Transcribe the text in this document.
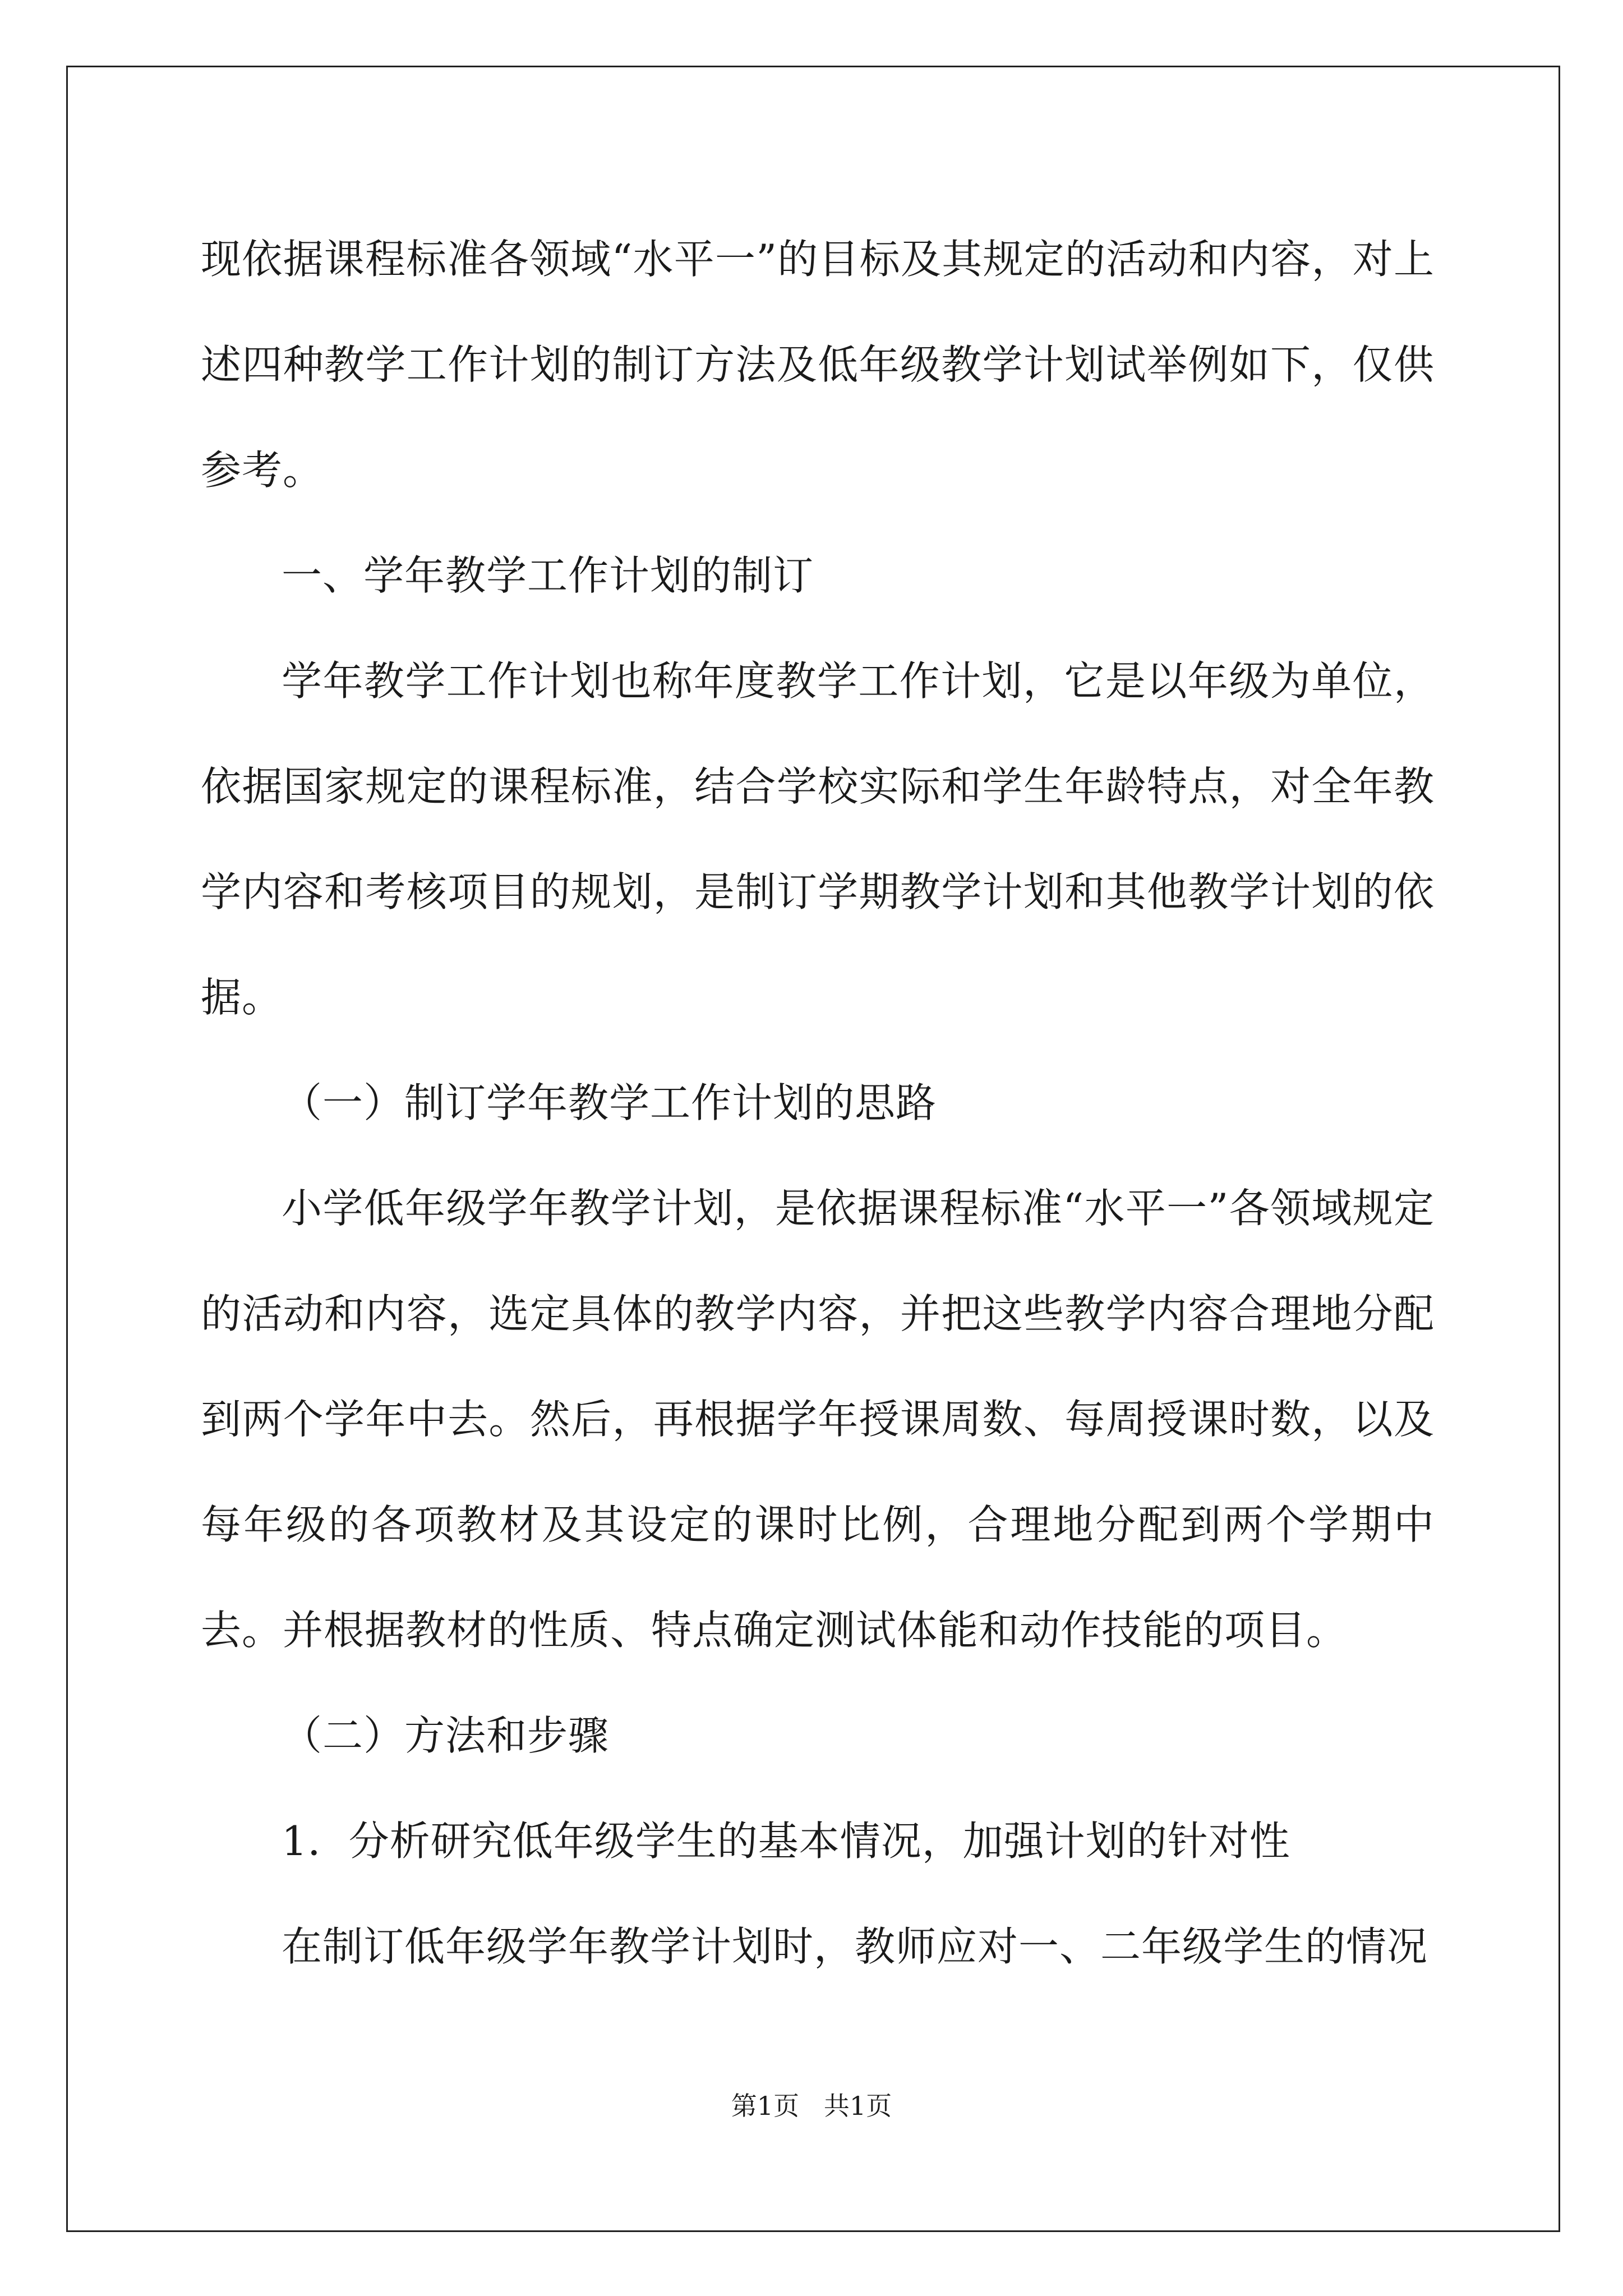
现依据课程标准各领域“水平一”的目标及其规定的活动和内容，对上述四种教学工作计划的制订方法及低年级教学计划试举例如下，仅供参考。

一、学年教学工作计划的制订

学年教学工作计划也称年度教学工作计划，它是以年级为单位，依据国家规定的课程标准，结合学校实际和学生年龄特点，对全年教学内容和考核项目的规划，是制订学期教学计划和其他教学计划的依据。

（一）制订学年教学工作计划的思路

小学低年级学年教学计划，是依据课程标准“水平一”各领域规定的活动和内容，选定具体的教学内容，并把这些教学内容合理地分配到两个学年中去。然后，再根据学年授课周数、每周授课时数，以及每年级的各项教材及其设定的课时比例，合理地分配到两个学期中去。并根据教材的性质、特点确定测试体能和动作技能的项目。

（二）方法和步骤

1．分析研究低年级学生的基本情况，加强计划的针对性

在制订低年级学年教学计划时，教师应对一、二年级学生的情况

第1页   共1页
